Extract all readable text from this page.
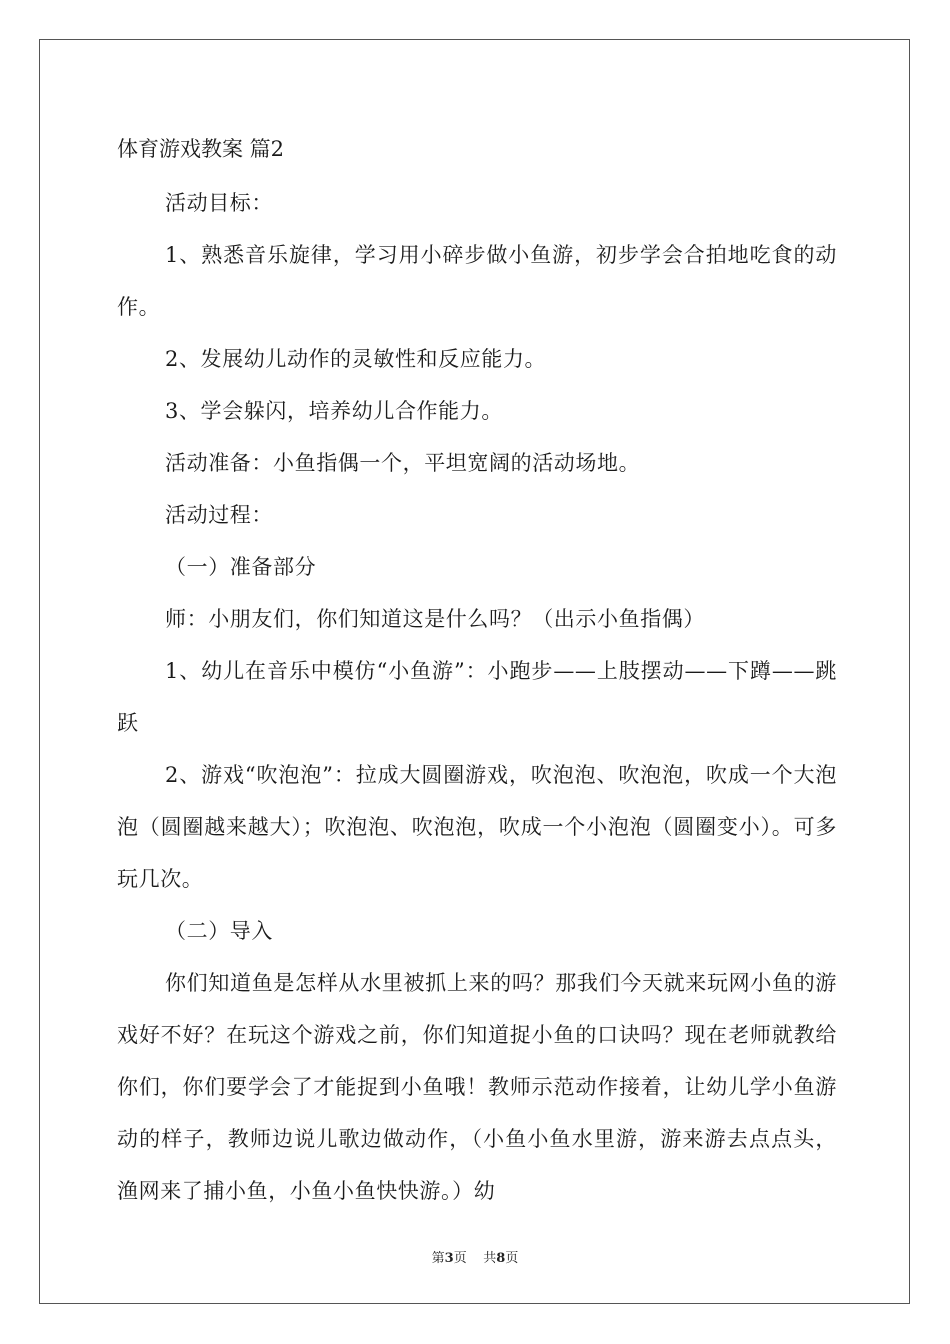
体育游戏教案 篇2

活动目标：

1、熟悉音乐旋律，学习用小碎步做小鱼游，初步学会合拍地吃食的动作。

2、发展幼儿动作的灵敏性和反应能力。

3、学会躲闪，培养幼儿合作能力。

活动准备：小鱼指偶一个，平坦宽阔的活动场地。

活动过程：

（一）准备部分

师：小朋友们，你们知道这是什么吗？（出示小鱼指偶）

1、幼儿在音乐中模仿“小鱼游”：小跑步——上肢摆动——下蹲——跳跃

2、游戏“吹泡泡”：拉成大圆圈游戏，吹泡泡、吹泡泡，吹成一个大泡泡（圆圈越来越大）；吹泡泡、吹泡泡，吹成一个小泡泡（圆圈变小）。可多玩几次。

（二）导入

你们知道鱼是怎样从水里被抓上来的吗？那我们今天就来玩网小鱼的游戏好不好？在玩这个游戏之前，你们知道捉小鱼的口诀吗？现在老师就教给你们，你们要学会了才能捉到小鱼哦！教师示范动作接着，让幼儿学小鱼游动的样子，教师边说儿歌边做动作，（小鱼小鱼水里游，游来游去点点头，渔网来了捕小鱼，小鱼小鱼快快游。）幼

第3页 共8页
